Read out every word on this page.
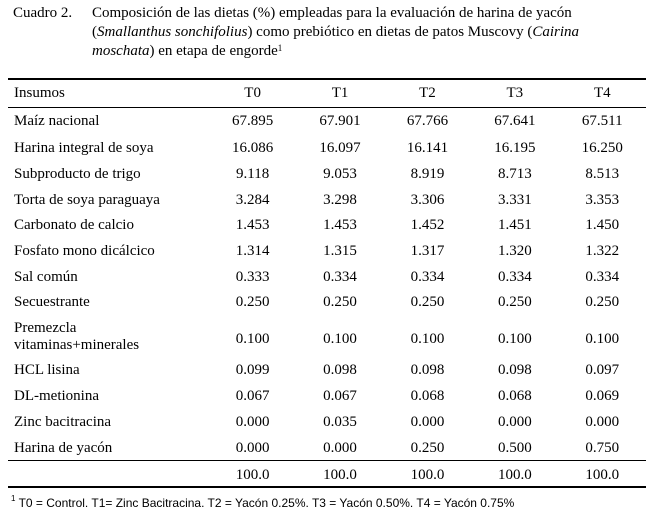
Cuadro 2. Composición de las dietas (%) empleadas para la evaluación de harina de yacón (Smallanthus sonchifolius) como prebiótico en dietas de patos Muscovy (Cairina moschata) en etapa de engorde$^1$
Insumos	T0	T1	T2	T3	T4
Maíz nacional	67.895	67.901	67.766	67.641	67.511
Harina integral de soya	16.086	16.097	16.141	16.195	16.250
Subproducto de trigo	9.118	9.053	8.919	8.713	8.513
Torta de soya paraguaya	3.284	3.298	3.306	3.331	3.353
Carbonato de calcio	1.453	1.453	1.452	1.451	1.450
Fosfato mono dicálcico	1.314	1.315	1.317	1.320	1.322
Sal común	0.333	0.334	0.334	0.334	0.334
Secuestrante	0.250	0.250	0.250	0.250	0.250
Premezcla
vitaminas+minerales	0.100	0.100	0.100	0.100	0.100
HCL lisina	0.099	0.098	0.098	0.098	0.097
DL-metionina	0.067	0.067	0.068	0.068	0.069
Zinc bacitracina	0.000	0.035	0.000	0.000	0.000
Harina de yacón	0.000	0.000	0.250	0.500	0.750
	100.0	100.0	100.0	100.0	100.0
$^1$ T0 = Control. T1= Zinc Bacitracina. T2 = Yacón 0.25%. T3 = Yacón 0.50%. T4 = Yacón 0.75%
